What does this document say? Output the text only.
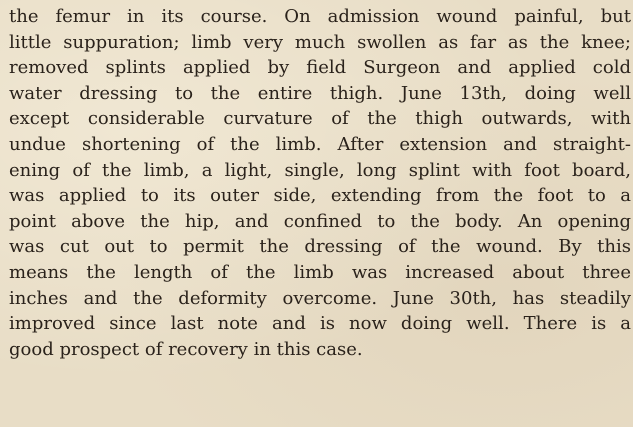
the femur in its course. On admission wound painful, but
little suppuration; limb very much swollen as far as the knee;
removed splints applied by field Surgeon and applied cold
water dressing to the entire thigh. June 13th, doing well
except considerable curvature of the thigh outwards, with
undue shortening of the limb. After extension and straight-
ening of the limb, a light, single, long splint with foot board,
was applied to its outer side, extending from the foot to a
point above the hip, and confined to the body. An opening
was cut out to permit the dressing of the wound. By this
means the length of the limb was increased about three
inches and the deformity overcome. June 30th, has steadily
improved since last note and is now doing well. There is a
good prospect of recovery in this case.
